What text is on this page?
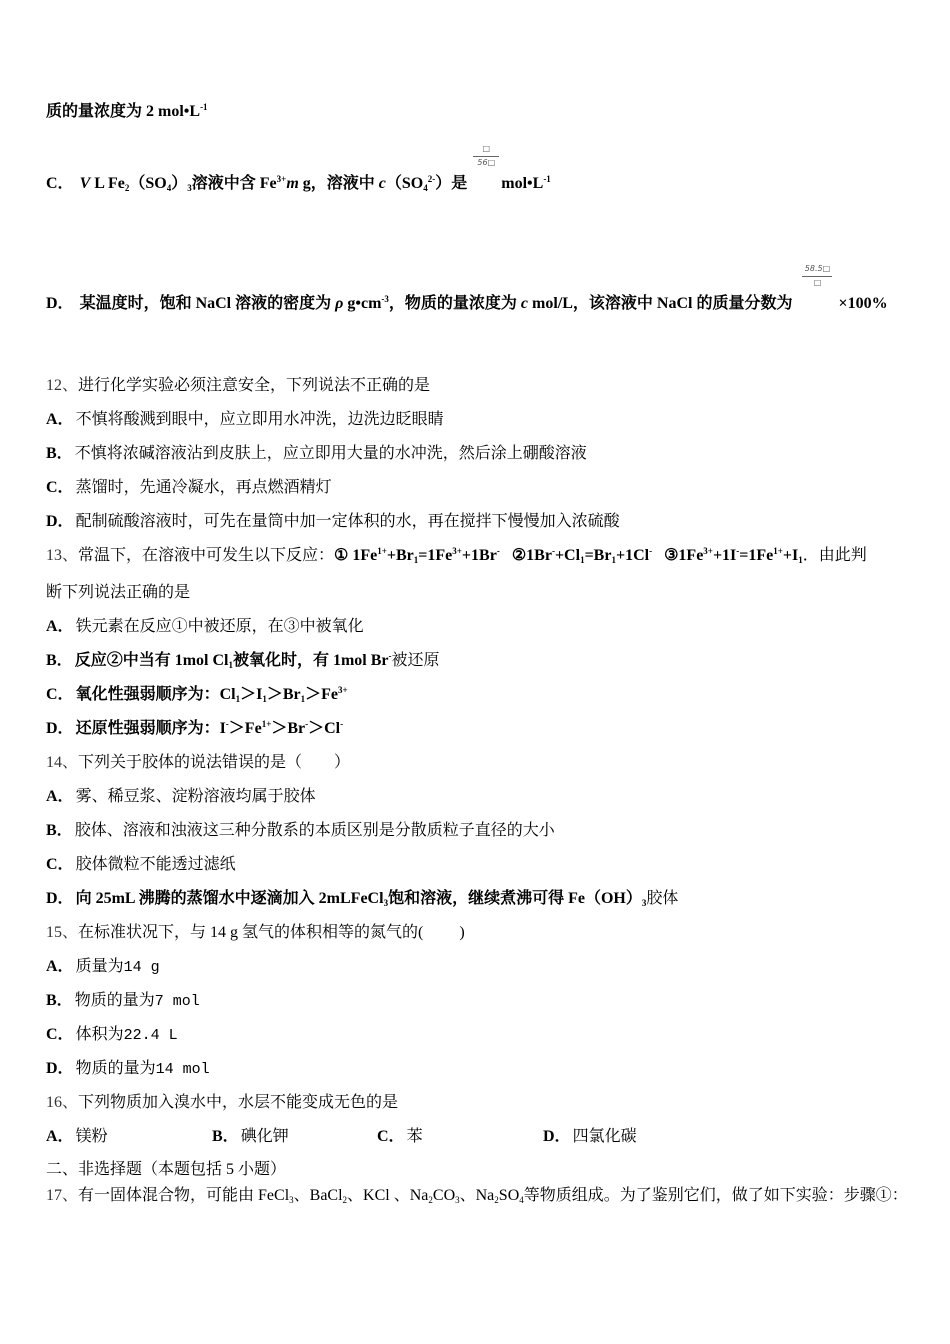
质的量浓度为 2 $mol•L^{-1}$
C． V L $Fe_2(SO_4)_3$溶液中含 $Fe^{3+}m$ g，溶液中 $c(SO_4^{2-})$是 $\frac{□}{56□}$ $mol•L^{-1}$
D． 某温度时，饱和 NaCl 溶液的密度为 ρ $g•cm^{-3}$，物质的量浓度为 c mol/L，该溶液中 NaCl 的质量分数为 $\frac{58.5□}{□} \times 100\%$
12、进行化学实验必须注意安全，下列说法不正确的是
A． 不慎将酸溅到眼中，应立即用水冲洗，边洗边眨眼睛
B． 不慎将浓碱溶液沾到皮肤上，应立即用大量的水冲洗，然后涂上硼酸溶液
C． 蒸馏时，先通冷凝水，再点燃酒精灯
D． 配制硫酸溶液时，可先在量筒中加一定体积的水，再在搅拌下慢慢加入浓硫酸
13、常温下，在溶液中可发生以下反应：① $1Fe^{1+}+Br_1=1Fe^{3+}+1Br^-$ $②1Br^-+Cl_1=Br_1+1Cl^-$ $③1Fe^{3+}+1I^-=1Fe^{1+}+I_1$．由此判
断下列说法正确的是
A． 铁元素在反应①中被还原，在③中被氧化
B． 反应②中当有 1mol $Cl_1$被氧化时，有 1mol Br-被还原
C． 氧化性强弱顺序为：$Cl_1>I_1>Br_1>Fe^{3+}$
D． 还原性强弱顺序为：$I^->Fe^{1+}>Br^->Cl^-$
14、下列关于胶体的说法错误的是（　　）
A． 雾、稀豆浆、淀粉溶液均属于胶体
B． 胶体、溶液和浊液这三种分散系的本质区别是分散质粒子直径的大小
C． 胶体微粒不能透过滤纸
D． 向 25mL 沸腾的蒸馏水中逐滴加入 2mLFeCl$_3$饱和溶液，继续煮沸可得 $Fe(OH)_3$胶体
15、在标准状况下，与 14 g 氢气的体积相等的氮气的(　　 )
A． 质量为14 g
B． 物质的量为7 mol
C． 体积为22.4 L
D． 物质的量为14 mol
16、下列物质加入溴水中，水层不能变成无色的是
A． 镁粉	B． 碘化钾	C． 苯	D． 四氯化碳
二、非选择题（本题包括 5 小题）
17、有一固体混合物，可能由 FeCl$_3$、BaCl$_2$、KCl 、$Na_2CO_3$、$Na_2SO_4$等物质组成。为了鉴别它们，做了如下实验：步骤①：
